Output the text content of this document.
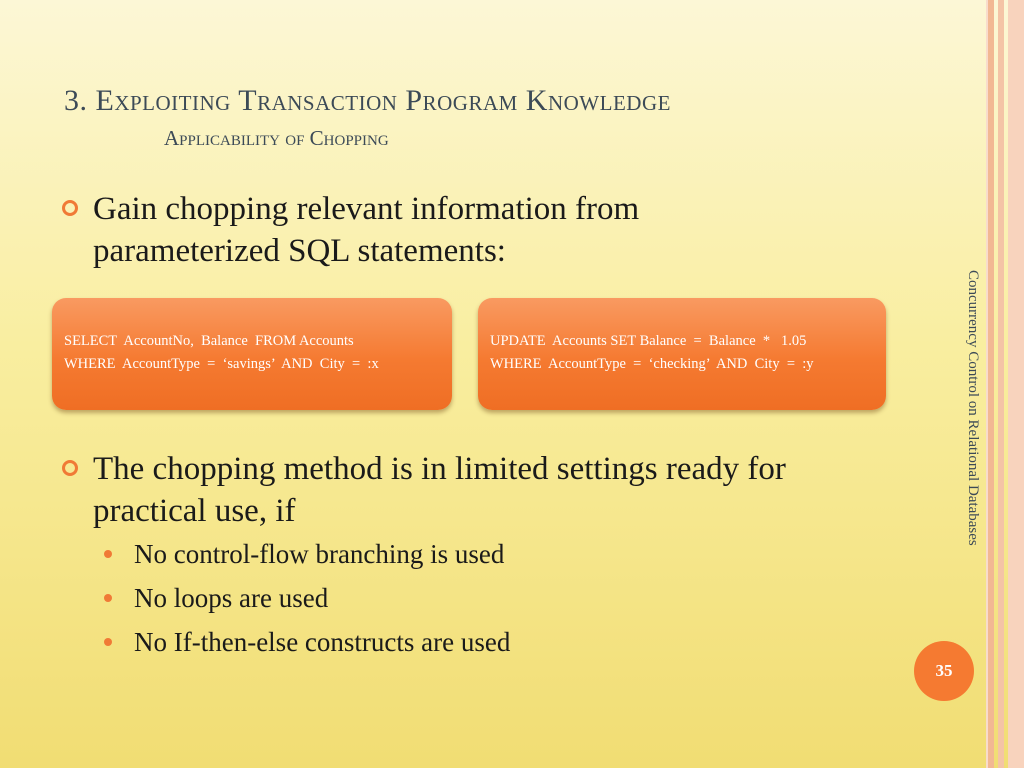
3. Exploiting Transaction Program Knowledge
Applicability of Chopping
Gain chopping relevant information from parameterized SQL statements:
SELECT  AccountNo,  Balance  FROM Accounts
WHERE  AccountType  =  ‘savings’  AND  City  =  :x
UPDATE  Accounts SET Balance  =  Balance  *   1.05
WHERE  AccountType  =  ‘checking’  AND  City  =  :y
The chopping method is in limited settings ready for practical use, if
No control-flow branching is used
No loops are used
No If-then-else constructs are used
Concurrency Control on Relational Databases
35
